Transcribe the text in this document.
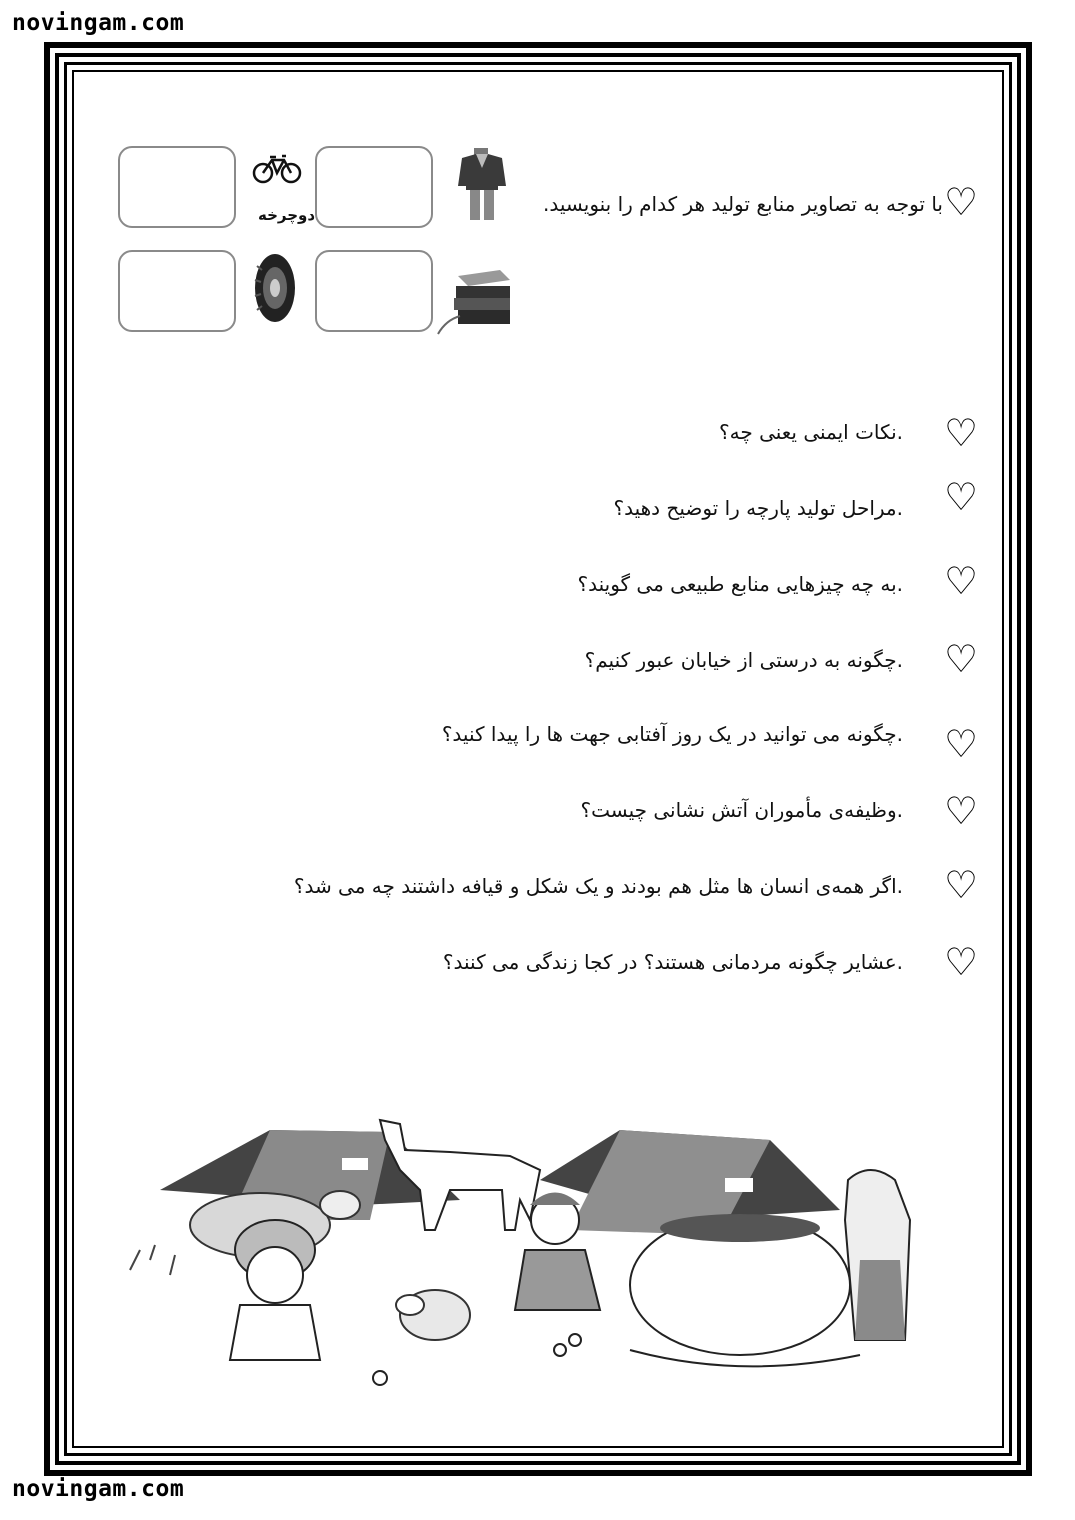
novingam.com
novingam.com
♡
با توجه به تصاویر منابع تولید هر کدام را بنویسید.
دوچرخه
♡
.نکات ایمنی یعنی چه؟
♡
.مراحل تولید پارچه را توضیح دهید؟
♡
.به چه چیزهایی منابع طبیعی می گویند؟
♡
.چگونه به درستی از خیابان عبور کنیم؟
♡
.چگونه می توانید در یک روز آفتابی جهت ها را پیدا کنید؟
♡
.وظیفه‌ی مأموران آتش نشانی چیست؟
♡
.اگر همه‌ی انسان ها مثل هم بودند و یک شکل و قیافه داشتند چه می شد؟
♡
.عشایر چگونه مردمانی هستند؟ در کجا زندگی می کنند؟
